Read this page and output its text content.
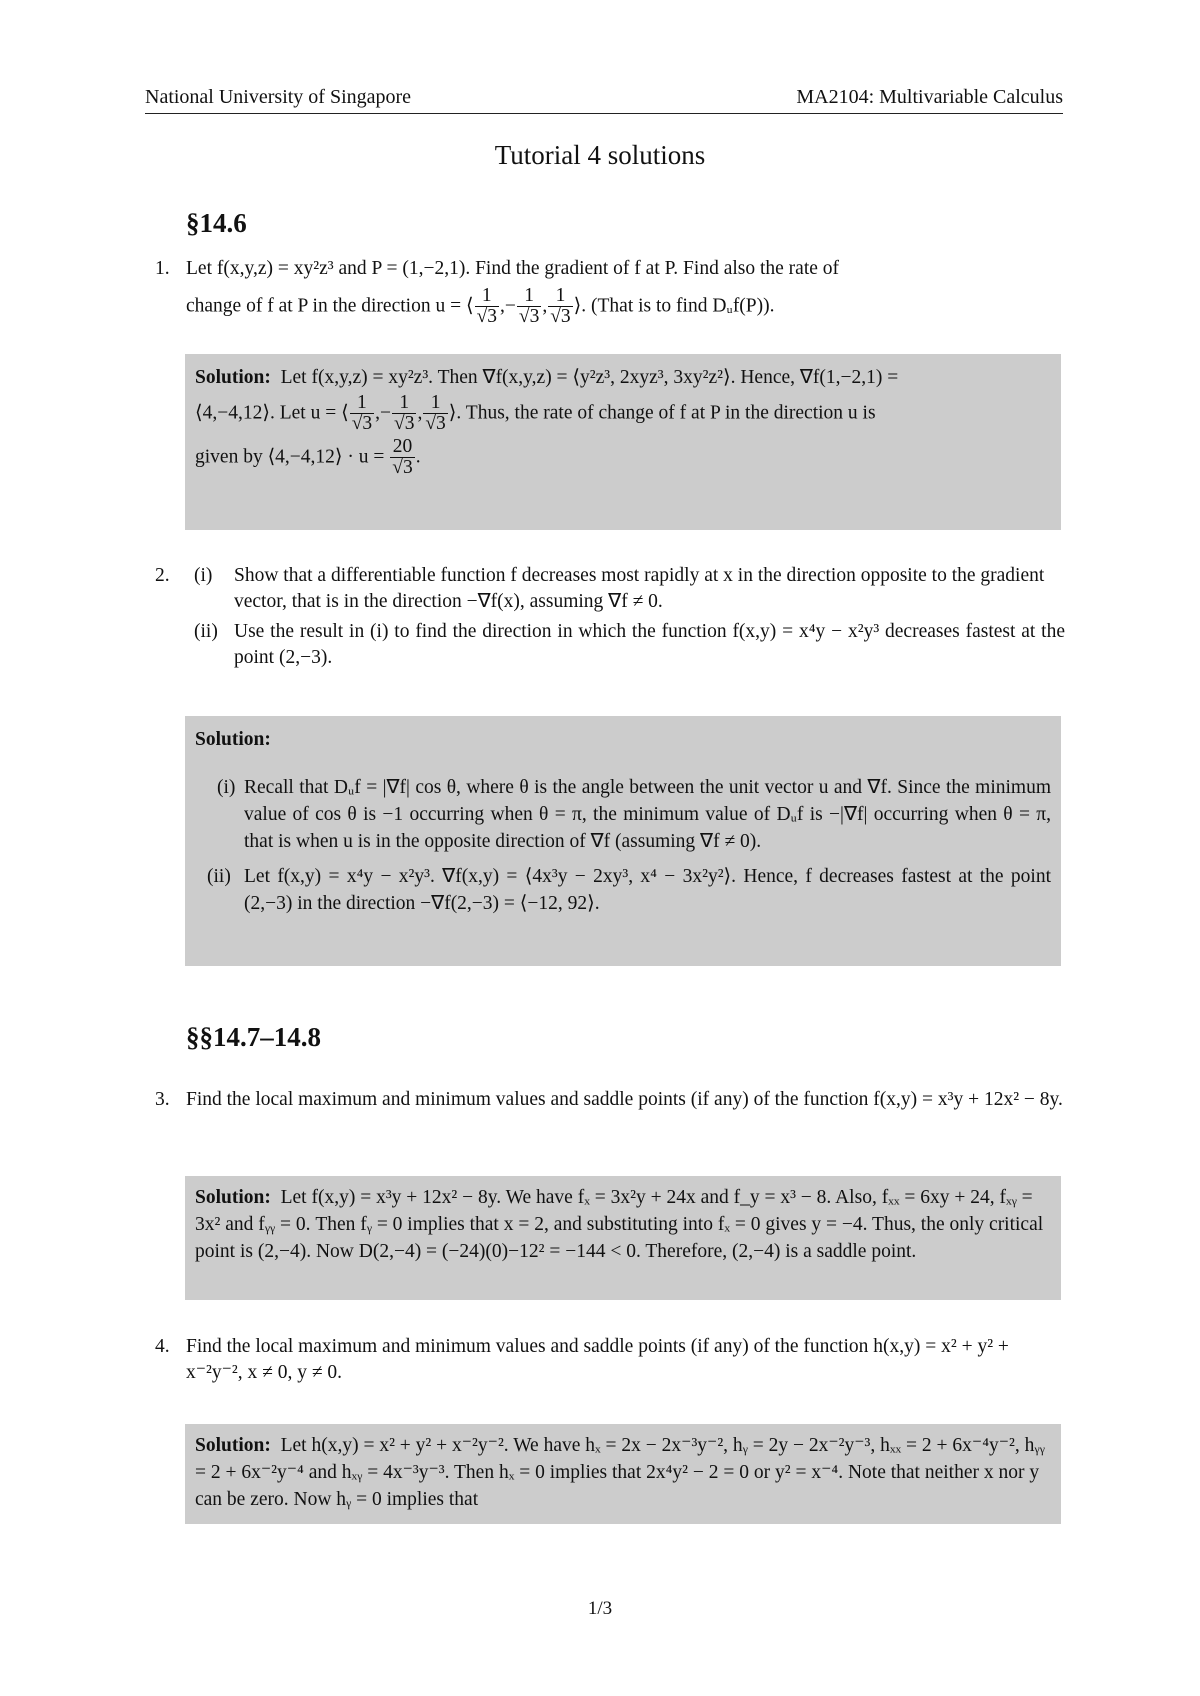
National University of Singapore	MA2104: Multivariable Calculus
Tutorial 4 solutions
§14.6
1. Let f(x,y,z) = xy²z³ and P = (1,−2,1). Find the gradient of f at P. Find also the rate of
change of f at P in the direction u = ⟨ $\frac{1}{√3}$ ,− $\frac{1}{√3}$ , $\frac{1}{√3}$ ⟩. (That is to find Dᵤf(P)).
Solution: Let f(x,y,z) = xy²z³. Then ∇f(x,y,z) = ⟨y²z³, 2xyz³, 3xy²z²⟩. Hence, ∇f(1,−2,1) =
⟨4,−4,12⟩. Let u = ⟨ $\frac{1}{√3}$ ,− $\frac{1}{√3}$ , $\frac{1}{√3}$ ⟩. Thus, the rate of change of f at P in the direction u is
given by ⟨4,−4,12⟩ · $u = \frac{20}{√3}$ .
2. (i) Show that a differentiable function f decreases most rapidly at x in the direction opposite to the gradient vector, that is in the direction −∇f(x), assuming ∇f ≠ 0.
(ii) Use the result in (i) to find the direction in which the function f(x,y) = x⁴y − x²y³ decreases fastest at the point (2,−3).
Solution:
(i) Recall that Dᵤf = |∇f| cos θ, where θ is the angle between the unit vector u and ∇f. Since the minimum value of cos θ is −1 occurring when θ = π, the minimum value of Dᵤf is −|∇f| occurring when θ = π, that is when u is in the opposite direction of ∇f (assuming ∇f ≠ 0).
(ii) Let f(x,y) = x⁴y − x²y³. ∇f(x,y) = ⟨4x³y − 2xy³, x⁴ − 3x²y²⟩. Hence, f decreases fastest at the point (2,−3) in the direction −∇f(2,−3) = ⟨−12, 92⟩.
§§14.7–14.8
3. Find the local maximum and minimum values and saddle points (if any) of the function f(x,y) = x³y + 12x² − 8y.
Solution: Let f(x,y) = x³y + 12x² − 8y. We have fₓ = 3x²y + 24x and f_y = x³ − 8. Also, fₓₓ = 6xy + 24, fₓᵧ = 3x² and fᵧᵧ = 0. Then fᵧ = 0 implies that x = 2, and substituting into fₓ = 0 gives y = −4. Thus, the only critical point is (2,−4). Now D(2,−4) = (−24)(0)−12² = −144 < 0. Therefore, (2,−4) is a saddle point.
4. Find the local maximum and minimum values and saddle points (if any) of the function h(x,y) = x² + y² + x⁻²y⁻², x ≠ 0, y ≠ 0.
Solution: Let h(x,y) = x² + y² + x⁻²y⁻². We have hₓ = 2x − 2x⁻³y⁻², hᵧ = 2y − 2x⁻²y⁻³, hₓₓ = 2 + 6x⁻⁴y⁻², hᵧᵧ = 2 + 6x⁻²y⁻⁴ and hₓᵧ = 4x⁻³y⁻³. Then hₓ = 0 implies that 2x⁴y² − 2 = 0 or y² = x⁻⁴. Note that neither x nor y can be zero. Now hᵧ = 0 implies that
1/3
